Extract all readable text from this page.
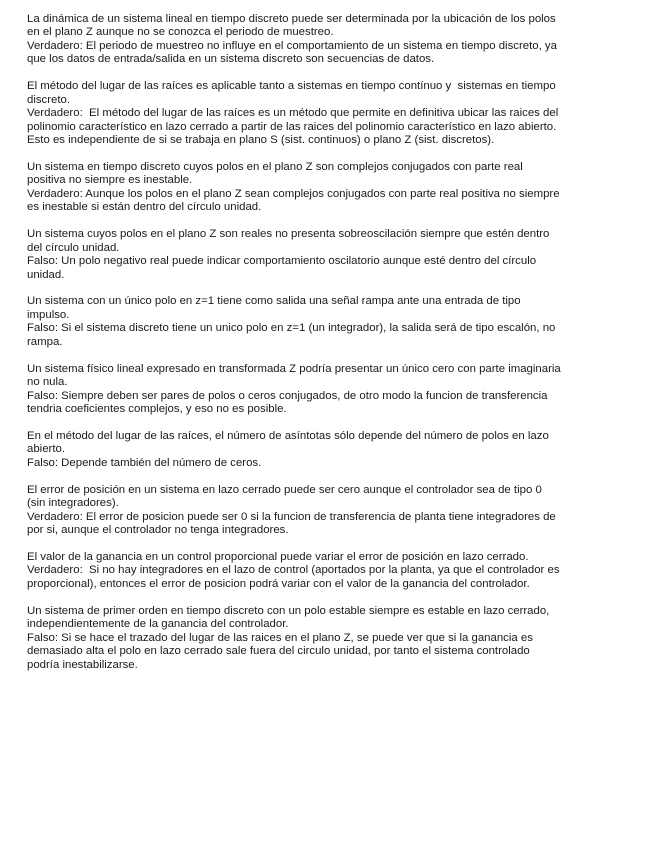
La dinámica de un sistema lineal en tiempo discreto puede ser determinada por la ubicación de los polos
en el plano Z aunque no se conozca el periodo de muestreo.
Verdadero: El periodo de muestreo no influye en el comportamiento de un sistema en tiempo discreto, ya
que los datos de entrada/salida en un sistema discreto son secuencias de datos.
El método del lugar de las raíces es aplicable tanto a sistemas en tiempo contínuo y  sistemas en tiempo
discreto.
Verdadero:  El método del lugar de las raíces es un método que permite en definitiva ubicar las raices del
polinomio característico en lazo cerrado a partir de las raices del polinomio característico en lazo abierto.
Esto es independiente de si se trabaja en plano S (sist. continuos) o plano Z (sist. discretos).
Un sistema en tiempo discreto cuyos polos en el plano Z son complejos conjugados con parte real
positiva no siempre es inestable.
Verdadero: Aunque los polos en el plano Z sean complejos conjugados con parte real positiva no siempre
es inestable si están dentro del círculo unidad.
Un sistema cuyos polos en el plano Z son reales no presenta sobreoscilación siempre que estén dentro
del círculo unidad.
Falso: Un polo negativo real puede indicar comportamiento oscilatorio aunque esté dentro del círculo
unidad.
Un sistema con un único polo en z=1 tiene como salida una señal rampa ante una entrada de tipo
impulso.
Falso: Si el sistema discreto tiene un unico polo en z=1 (un integrador), la salida será de tipo escalón, no
rampa.
Un sistema físico lineal expresado en transformada Z podría presentar un único cero con parte imaginaria
no nula.
Falso: Siempre deben ser pares de polos o ceros conjugados, de otro modo la funcion de transferencia
tendria coeficientes complejos, y eso no es posible.
En el método del lugar de las raíces, el número de asíntotas sólo depende del número de polos en lazo
abierto.
Falso: Depende también del número de ceros.
El error de posición en un sistema en lazo cerrado puede ser cero aunque el controlador sea de tipo 0
(sin integradores).
Verdadero: El error de posicion puede ser 0 si la funcion de transferencia de planta tiene integradores de
por si, aunque el controlador no tenga integradores.
El valor de la ganancia en un control proporcional puede variar el error de posición en lazo cerrado.
Verdadero:  Si no hay integradores en el lazo de control (aportados por la planta, ya que el controlador es
proporcional), entonces el error de posicion podrá variar con el valor de la ganancia del controlador.
Un sistema de primer orden en tiempo discreto con un polo estable siempre es estable en lazo cerrado,
independientemente de la ganancia del controlador.
Falso: Si se hace el trazado del lugar de las raices en el plano Z, se puede ver que si la ganancia es
demasiado alta el polo en lazo cerrado sale fuera del circulo unidad, por tanto el sistema controlado
podría inestabilizarse.
